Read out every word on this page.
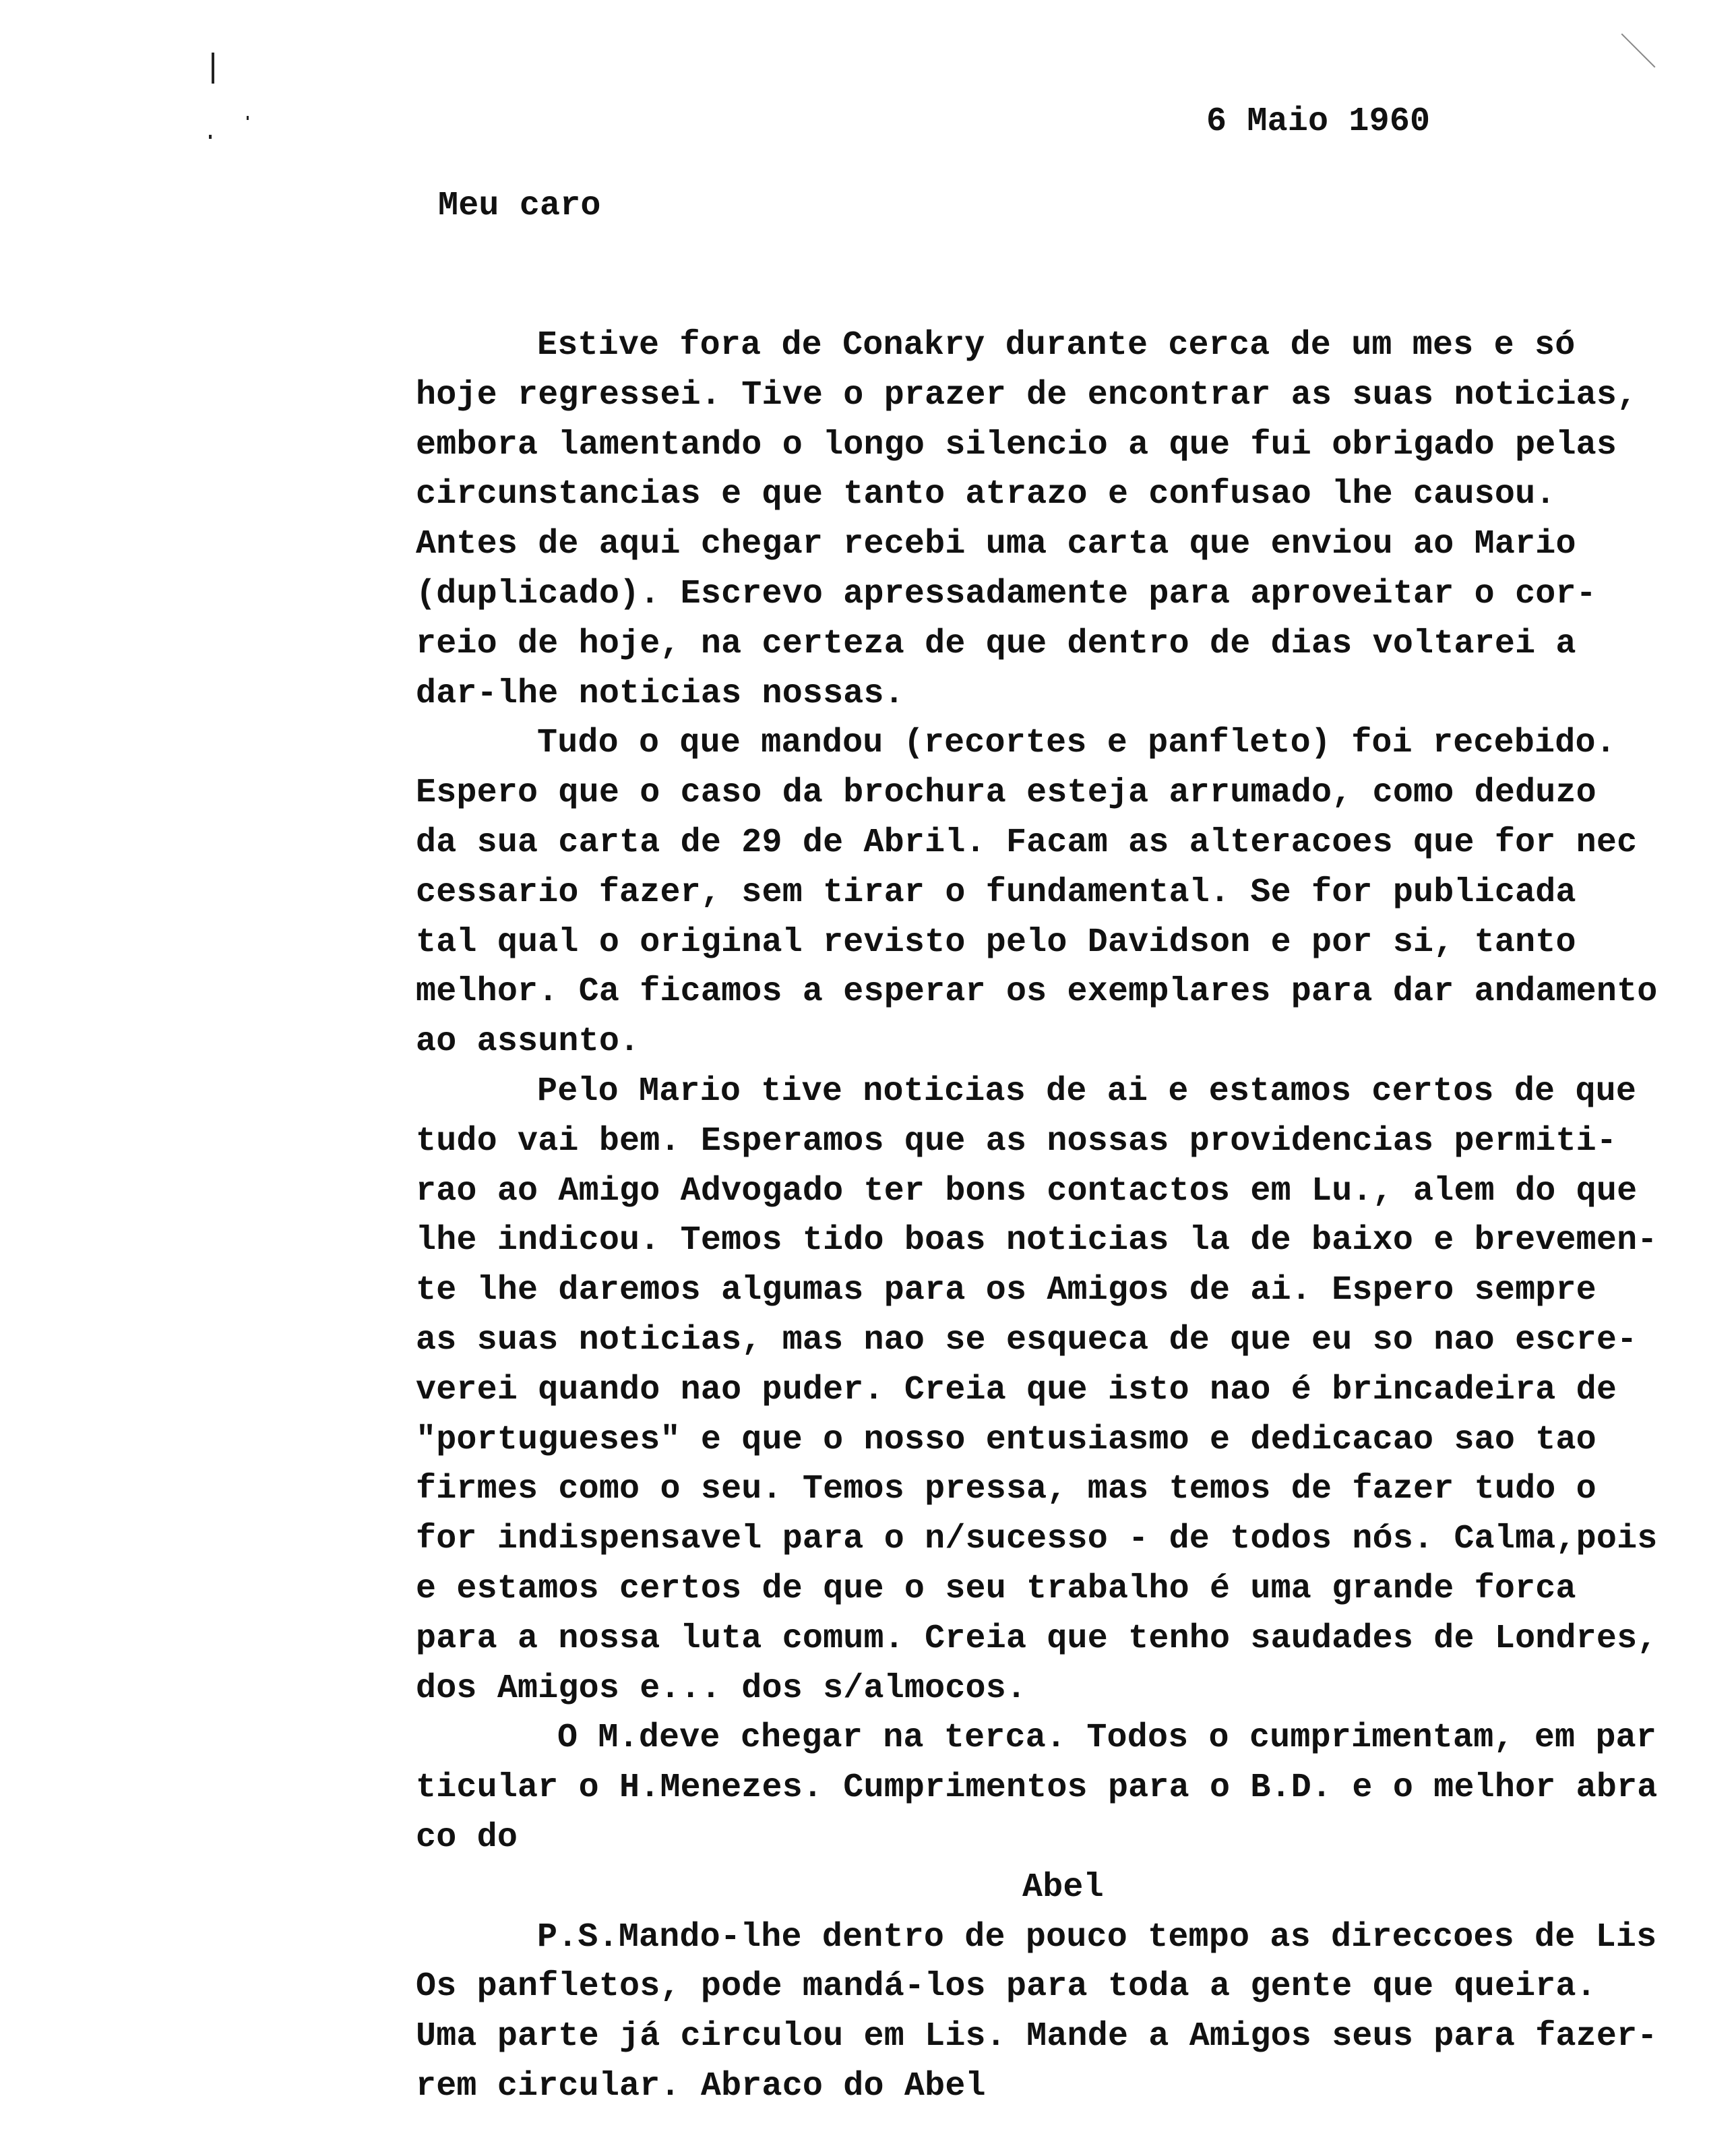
6 Maio 1960
Meu caro
Estive fora de Conakry durante cerca de um mes e só
hoje regressei. Tive o prazer de encontrar as suas noticias,
embora lamentando o longo silencio a que fui obrigado pelas
circunstancias e que tanto atrazo e confusao lhe causou.
Antes de aqui chegar recebi uma carta que enviou ao Mario
(duplicado). Escrevo apressadamente para aproveitar o cor-
reio de hoje, na certeza de que dentro de dias voltarei a
dar-lhe noticias nossas.
Tudo o que mandou (recortes e panfleto) foi recebido.
Espero que o caso da brochura esteja arrumado, como deduzo
da sua carta de 29 de Abril. Facam as alteracoes que for nec
cessario fazer, sem tirar o fundamental. Se for publicada
tal qual o original revisto pelo Davidson e por si, tanto
melhor. Ca ficamos a esperar os exemplares para dar andamento
ao assunto.
Pelo Mario tive noticias de ai e estamos certos de que
tudo vai bem. Esperamos que as nossas providencias permiti-
rao ao Amigo Advogado ter bons contactos em Lu., alem do que
lhe indicou. Temos tido boas noticias la de baixo e brevemen-
te lhe daremos algumas para os Amigos de ai. Espero sempre
as suas noticias, mas nao se esqueca de que eu so nao escre-
verei quando nao puder. Creia que isto nao é brincadeira de
"portugueses" e que o nosso entusiasmo e dedicacao sao tao
firmes como o seu. Temos pressa, mas temos de fazer tudo o
for indispensavel para o n/sucesso - de todos nós. Calma,pois
e estamos certos de que o seu trabalho é uma grande forca
para a nossa luta comum. Creia que tenho saudades de Londres,
dos Amigos e... dos s/almocos.
O M.deve chegar na terca. Todos o cumprimentam, em par
ticular o H.Menezes. Cumprimentos para o B.D. e o melhor abra
co do
Abel
P.S.Mando-lhe dentro de pouco tempo as direccoes de Lis
Os panfletos, pode mandá-los para toda a gente que queira.
Uma parte já circulou em Lis. Mande a Amigos seus para fazer-
rem circular. Abraco do Abel
